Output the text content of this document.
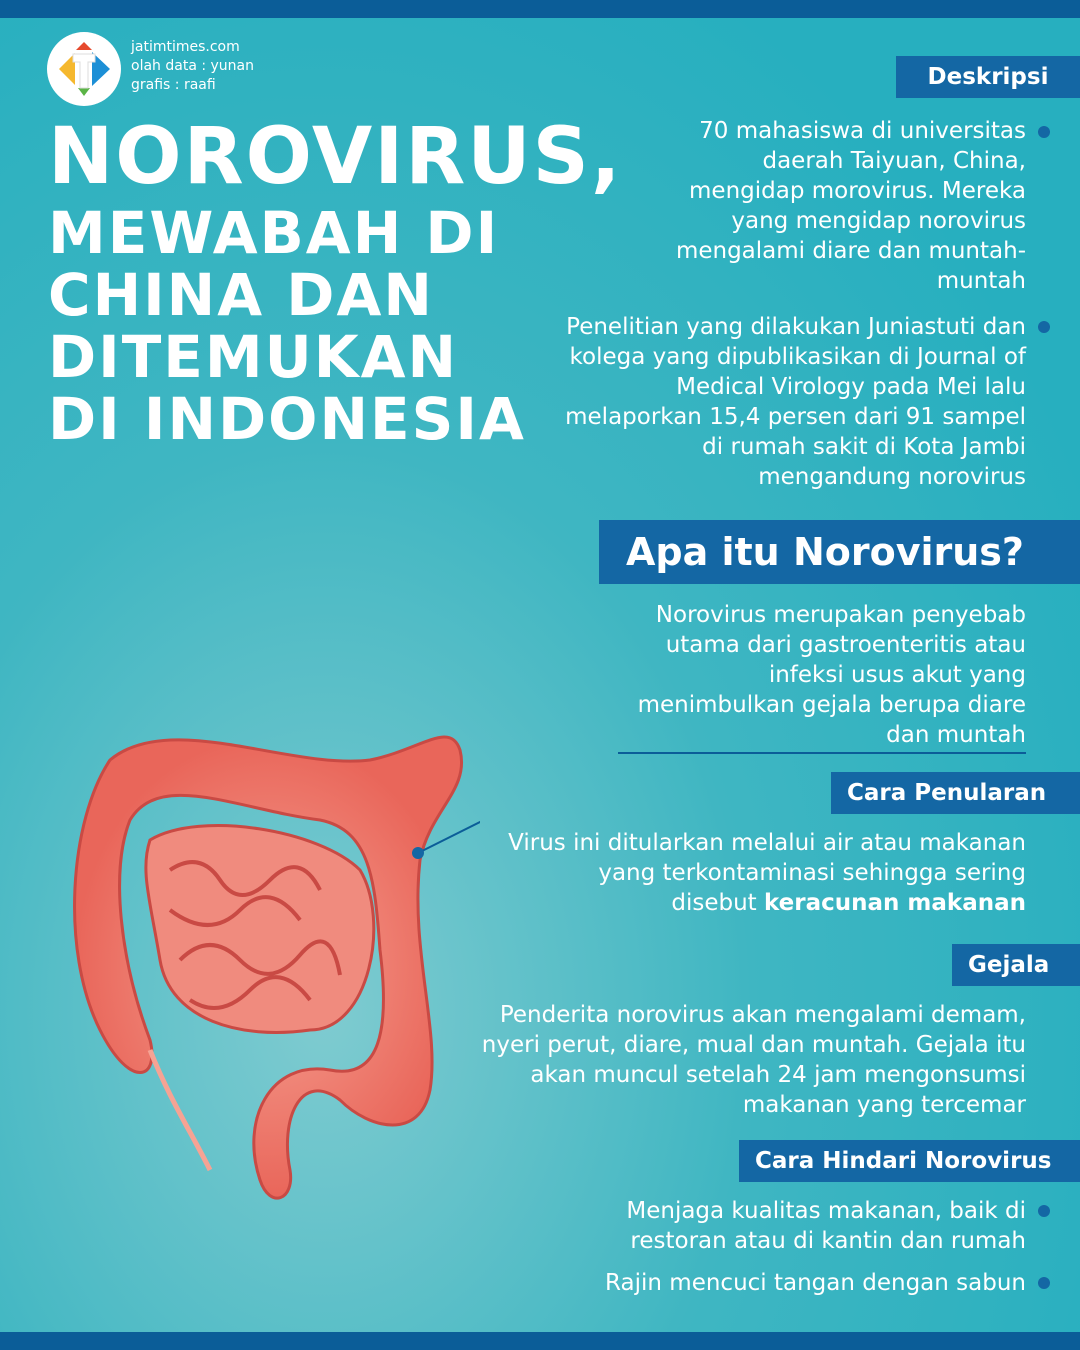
jatimtimes.com
olah data : yunan
grafis : raafi
NOROVIRUS,
MEWABAH DI
CHINA DAN
DITEMUKAN
DI INDONESIA
Deskripsi
70 mahasiswa di universitas daerah Taiyuan, China, mengidap morovirus. Mereka yang mengidap norovirus mengalami diare dan muntah-muntah
Penelitian yang dilakukan Juniastuti dan kolega yang dipublikasikan di Journal of Medical Virology pada Mei lalu melaporkan 15,4 persen dari 91 sampel di rumah sakit di Kota Jambi mengandung norovirus
Apa itu Norovirus?
Norovirus merupakan penyebab utama dari gastroenteritis atau infeksi usus akut yang menimbulkan gejala berupa diare dan muntah
Cara Penularan
Virus ini ditularkan melalui air atau makanan yang terkontaminasi sehingga sering disebut keracunan makanan
Gejala
Penderita norovirus akan mengalami demam, nyeri perut, diare, mual dan muntah. Gejala itu akan muncul setelah 24 jam mengonsumsi makanan yang tercemar
Cara Hindari Norovirus
Menjaga kualitas makanan, baik di restoran atau di kantin dan rumah
Rajin mencuci tangan dengan sabun
